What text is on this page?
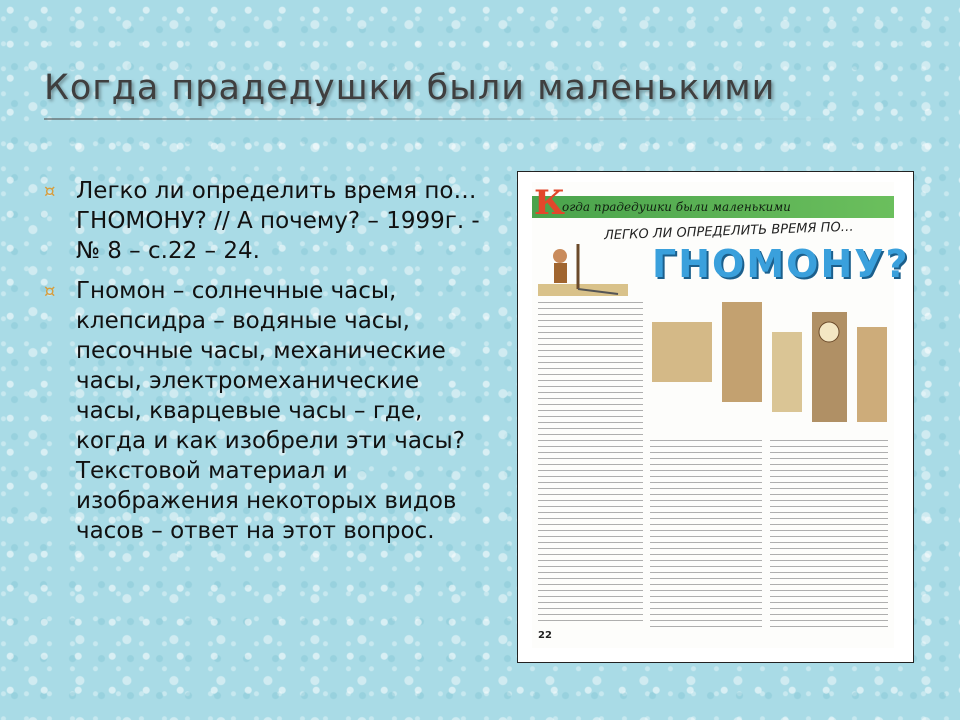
Когда прадедушки были маленькими
¤ Легко ли определить время по… ГНОМОНУ? // А почему? – 1999г. - № 8 – с.22 – 24.
¤ Гномон – солнечные часы, клепсидра – водяные часы, песочные часы, механические часы, электромеханические часы, кварцевые часы – где, когда и как изобрели эти часы? Текстовой материал и изображения некоторых видов часов – ответ на этот вопрос.
огда прадедушки были маленькими
К
ЛЕГКО ЛИ ОПРЕДЕЛИТЬ ВРЕМЯ ПО…
ГНОМОНУ?
22
